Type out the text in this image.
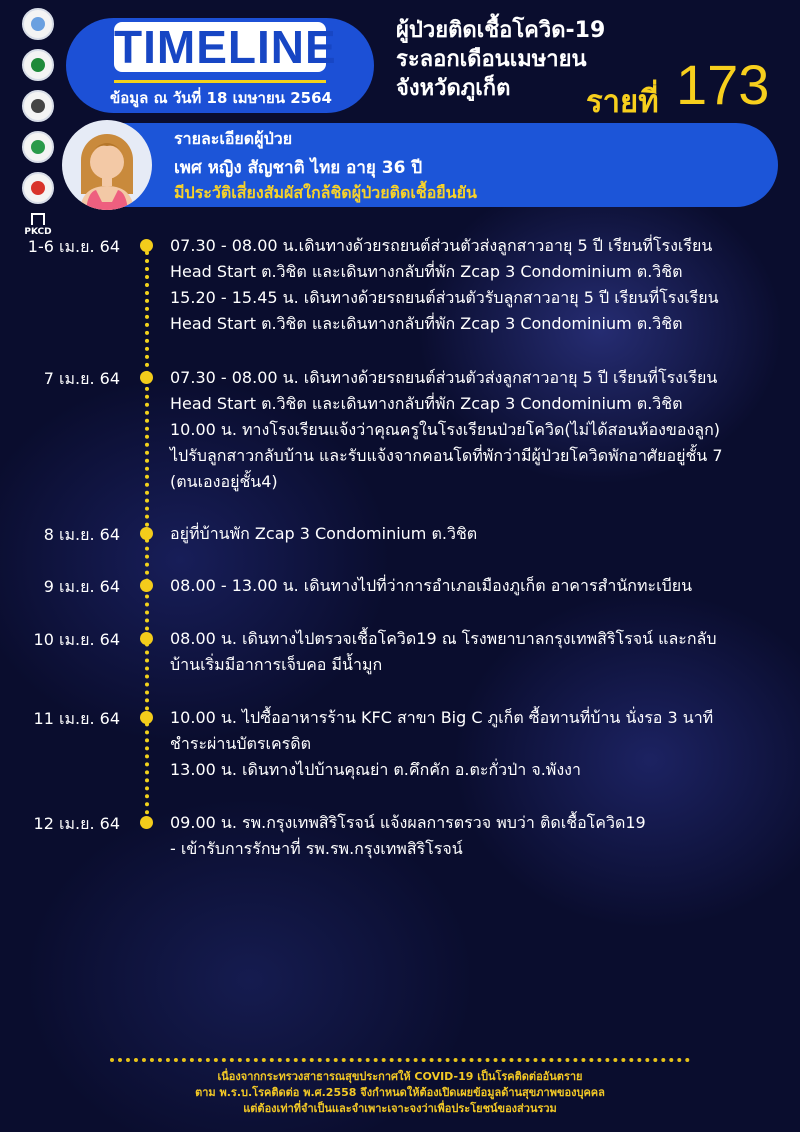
PKCD
TIMELINE
ข้อมูล ณ วันที่ 18 เมษายน 2564
ผู้ป่วยติดเชื้อโควิด-19
ระลอกเดือนเมษายน
จังหวัดภูเก็ต	รายที่ 173
รายละเอียดผู้ป่วย
เพศ หญิง สัญชาติ ไทย อายุ 36 ปี
มีประวัติเสี่ยงสัมผัสใกล้ชิดผู้ป่วยติดเชื้อยืนยัน
1-6 เม.ย. 64	07.30 - 08.00 น.เดินทางด้วยรถยนต์ส่วนตัวส่งลูกสาวอายุ 5 ปี เรียนที่โรงเรียน
Head Start ต.วิชิต และเดินทางกลับที่พัก Zcap 3 Condominium ต.วิชิต
15.20 - 15.45 น. เดินทางด้วยรถยนต์ส่วนตัวรับลูกสาวอายุ 5 ปี เรียนที่โรงเรียน
Head Start ต.วิชิต และเดินทางกลับที่พัก Zcap 3 Condominium ต.วิชิต
7 เม.ย. 64	07.30 - 08.00 น. เดินทางด้วยรถยนต์ส่วนตัวส่งลูกสาวอายุ 5 ปี เรียนที่โรงเรียน
Head Start ต.วิชิต และเดินทางกลับที่พัก Zcap 3 Condominium ต.วิชิต
10.00 น. ทางโรงเรียนแจ้งว่าคุณครูในโรงเรียนป่วยโควิด(ไม่ได้สอนห้องของลูก)
ไปรับลูกสาวกลับบ้าน และรับแจ้งจากคอนโดที่พักว่ามีผู้ป่วยโควิดพักอาศัยอยู่ชั้น 7
(ตนเองอยู่ชั้น4)
8 เม.ย. 64	อยู่ที่บ้านพัก Zcap 3 Condominium ต.วิชิต
9 เม.ย. 64	08.00 - 13.00 น. เดินทางไปที่ว่าการอำเภอเมืองภูเก็ต อาคารสำนักทะเบียน
10 เม.ย. 64	08.00 น. เดินทางไปตรวจเชื้อโควิด19 ณ โรงพยาบาลกรุงเทพสิริโรจน์ และกลับ
บ้านเริ่มมีอาการเจ็บคอ มีน้ำมูก
11 เม.ย. 64	10.00 น. ไปซื้ออาหารร้าน KFC สาขา Big C ภูเก็ต ซื้อทานที่บ้าน นั่งรอ 3 นาที
ชำระผ่านบัตรเครดิต
13.00 น. เดินทางไปบ้านคุณย่า ต.คึกคัก อ.ตะกั่วป่า จ.พังงา
12 เม.ย. 64	09.00 น. รพ.กรุงเทพสิริโรจน์ แจ้งผลการตรวจ พบว่า ติดเชื้อโควิด19
- เข้ารับการรักษาที่ รพ.รพ.กรุงเทพสิริโรจน์
เนื่องจากกระทรวงสาธารณสุขประกาศให้ COVID-19 เป็นโรคติดต่ออันตราย
ตาม พ.ร.บ.โรคติดต่อ พ.ศ.2558 จึงกำหนดให้ต้องเปิดเผยข้อมูลด้านสุขภาพของบุคคล
แต่ต้องเท่าที่จำเป็นและจำเพาะเจาะจงว่าเพื่อประโยชน์ของส่วนรวม
